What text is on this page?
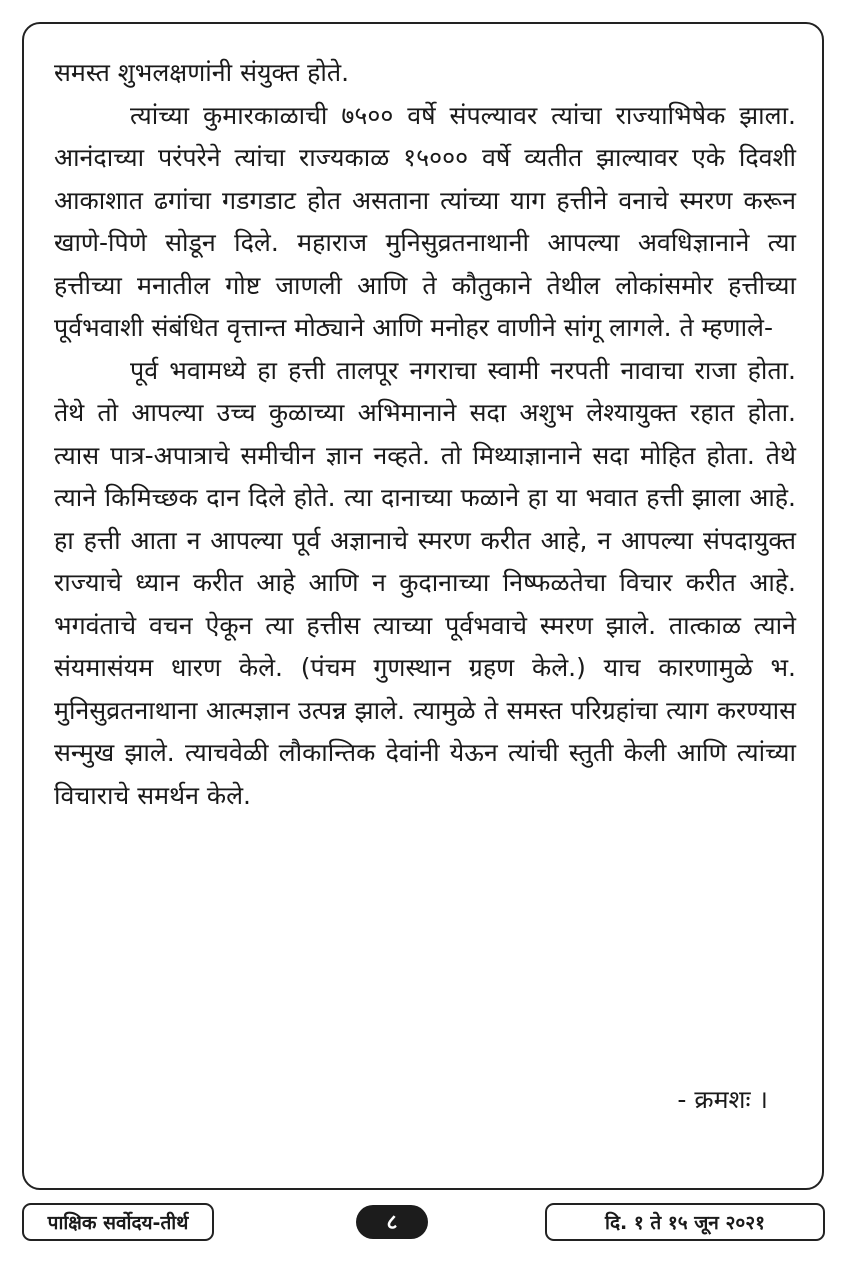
समस्त शुभलक्षणांनी संयुक्त होते.

त्यांच्या कुमारकाळाची ७५०० वर्षे संपल्यावर त्यांचा राज्याभिषेक झाला. आनंदाच्या परंपरेने त्यांचा राज्यकाळ १५००० वर्षे व्यतीत झाल्यावर एके दिवशी आकाशात ढगांचा गडगडाट होत असताना त्यांच्या याग हत्तीने वनाचे स्मरण करून खाणे-पिणे सोडून दिले. महाराज मुनिसुव्रतनाथानी आपल्या अवधिज्ञानाने त्या हत्तीच्या मनातील गोष्ट जाणली आणि ते कौतुकाने तेथील लोकांसमोर हत्तीच्या पूर्वभवाशी संबंधित वृत्तान्त मोठ्याने आणि मनोहर वाणीने सांगू लागले. ते म्हणाले-

पूर्व भवामध्ये हा हत्ती तालपूर नगराचा स्वामी नरपती नावाचा राजा होता. तेथे तो आपल्या उच्च कुळाच्या अभिमानाने सदा अशुभ लेश्यायुक्त रहात होता. त्यास पात्र-अपात्राचे समीचीन ज्ञान नव्हते. तो मिथ्याज्ञानाने सदा मोहित होता. तेथे त्याने किमिच्छक दान दिले होते. त्या दानाच्या फळाने हा या भवात हत्ती झाला आहे. हा हत्ती आता न आपल्या पूर्व अज्ञानाचे स्मरण करीत आहे, न आपल्या संपदायुक्त राज्याचे ध्यान करीत आहे आणि न कुदानाच्या निष्फळतेचा विचार करीत आहे. भगवंताचे वचन ऐकून त्या हत्तीस त्याच्या पूर्वभवाचे स्मरण झाले. तात्काळ त्याने संयमासंयम धारण केले. (पंचम गुणस्थान ग्रहण केले.) याच कारणामुळे भ. मुनिसुव्रतनाथाना आत्मज्ञान उत्पन्न झाले. त्यामुळे ते समस्त परिग्रहांचा त्याग करण्यास सन्मुख झाले. त्याचवेळी लौकान्तिक देवांनी येऊन त्यांची स्तुती केली आणि त्यांच्या विचाराचे समर्थन केले.

- क्रमशः ।
पाक्षिक सर्वोदय-तीर्थ	८	दि. १ ते १५ जून २०२१
